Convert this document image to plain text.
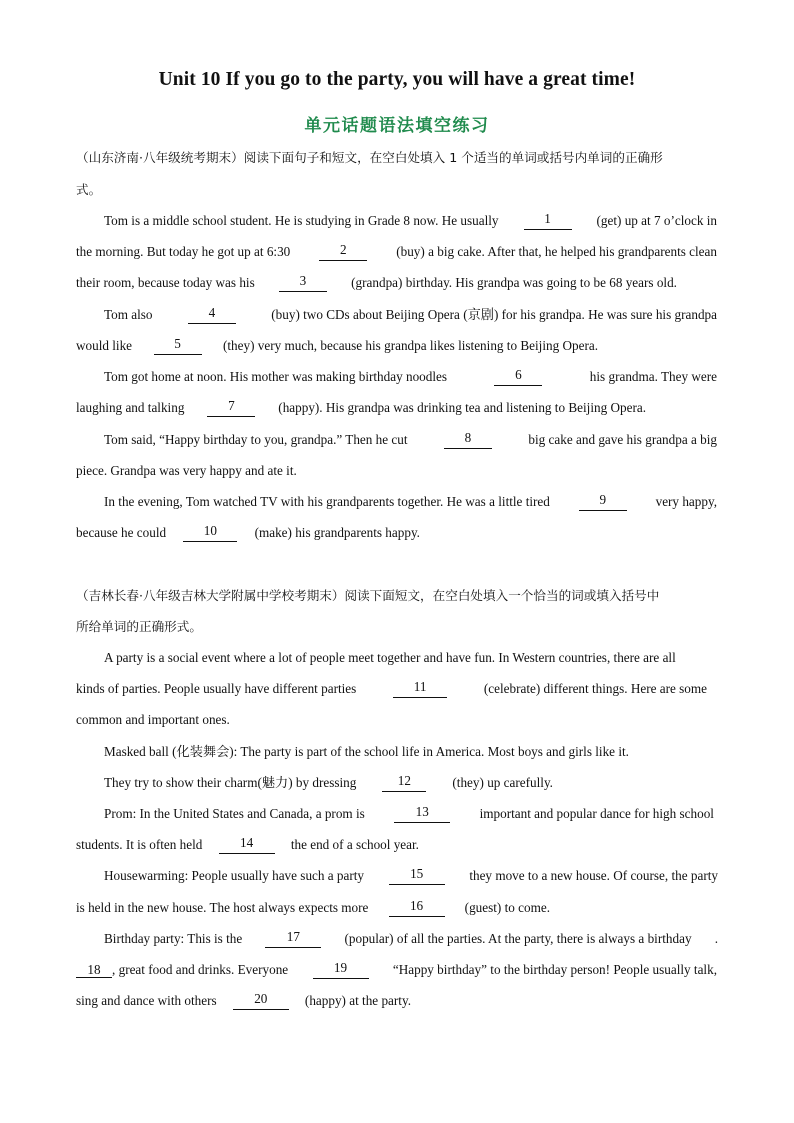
Unit 10 If you go to the party, you will have a great time!
单元话题语法填空练习
（山东济南·八年级统考期末）阅读下面句子和短文，在空白处填入 1 个适当的单词或括号内单词的正确形
式。
Tom is a middle school student. He is studying in Grade 8 now. He usually	1	(get) up at 7 o’clock in
the morning. But today he got up at 6:30	2	(buy) a big cake. After that, he helped his grandparents clean
their room, because today was his	3	(grandpa) birthday. His grandpa was going to be 68 years old.
Tom also	4	(buy) two CDs about Beijing Opera (京剧) for his grandpa. He was sure his grandpa
would like	5	(they) very much, because his grandpa likes listening to Beijing Opera.
Tom got home at noon. His mother was making birthday noodles	6	his grandma. They were
laughing and talking	7	(happy). His grandpa was drinking tea and listening to Beijing Opera.
Tom said, “Happy birthday to you, grandpa.” Then he cut	8	big cake and gave his grandpa a big
piece. Grandpa was very happy and ate it.
In the evening, Tom watched TV with his grandparents together. He was a little tired	9	very happy,
because he could	10	(make) his grandparents happy.
（吉林长春·八年级吉林大学附属中学校考期末）阅读下面短文，在空白处填入一个恰当的词或填入括号中
所给单词的正确形式。
A party is a social event where a lot of people meet together and have fun. In Western countries, there are all
kinds of parties. People usually have different parties	11	(celebrate) different things. Here are some
common and important ones.
Masked ball (化装舞会): The party is part of the school life in America. Most boys and girls like it.
They try to show their charm(魅力) by dressing	12	(they) up carefully.
Prom: In the United States and Canada, a prom is	13	important and popular dance for high school
students. It is often held	14	the end of a school year.
Housewarming: People usually have such a party	15	they move to a new house. Of course, the party
is held in the new house. The host always expects more	16	(guest) to come.
Birthday party: This is the	17	(popular) of all the parties. At the party, there is always a birthday .
18 , great food and drinks. Everyone	19	“Happy birthday” to the birthday person! People usually talk,
sing and dance with others	20	(happy) at the party.
